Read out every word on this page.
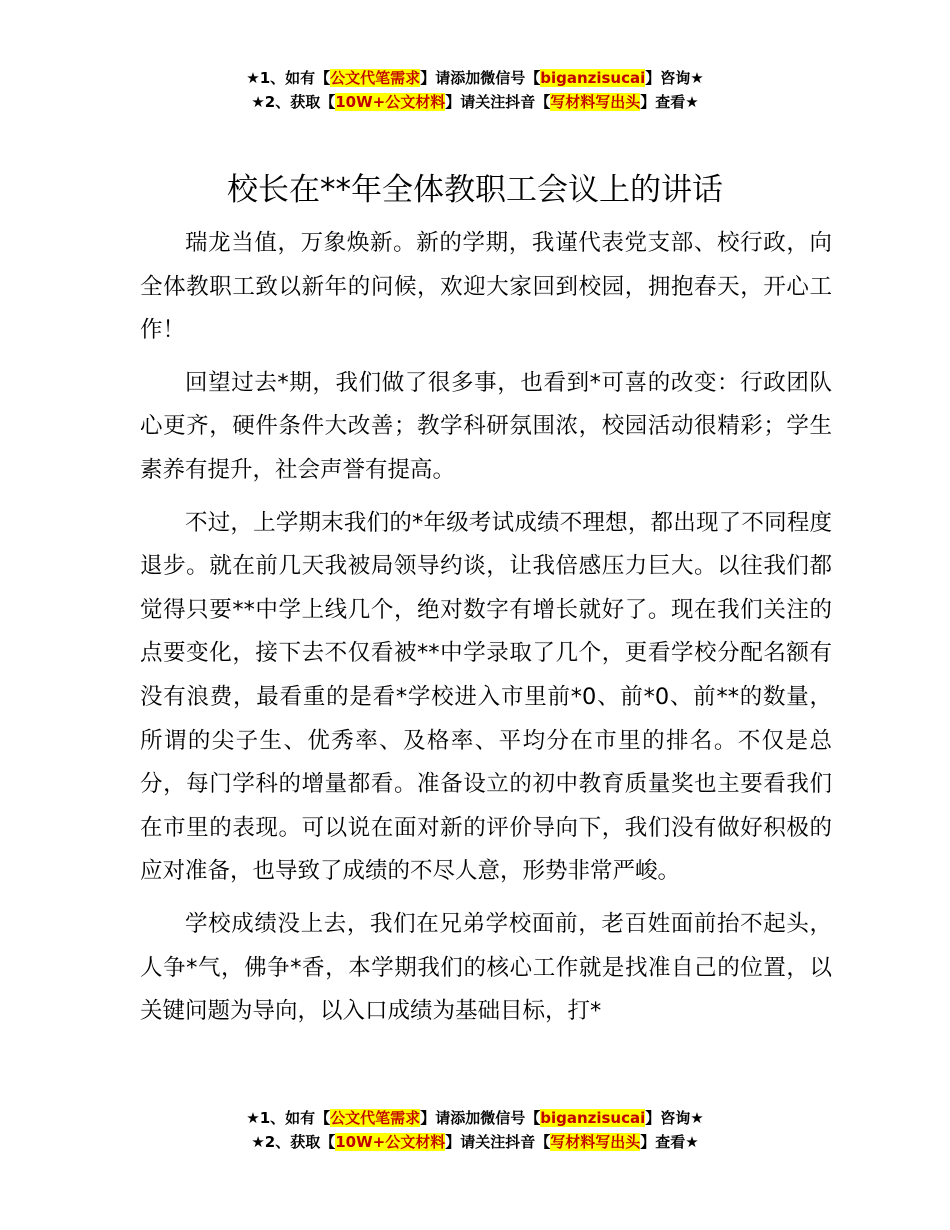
★1、如有【公文代笔需求】请添加微信号【biganzisucai】咨询★
★2、获取【10W+公文材料】请关注抖音【写材料写出头】查看★
校长在**年全体教职工会议上的讲话

瑞龙当值，万象焕新。新的学期，我谨代表党支部、校行政，向全体教职工致以新年的问候，欢迎大家回到校园，拥抱春天，开心工作！

回望过去*期，我们做了很多事，也看到*可喜的改变：行政团队心更齐，硬件条件大改善；教学科研氛围浓，校园活动很精彩；学生素养有提升，社会声誉有提高。

不过，上学期末我们的*年级考试成绩不理想，都出现了不同程度退步。就在前几天我被局领导约谈，让我倍感压力巨大。以往我们都觉得只要**中学上线几个，绝对数字有增长就好了。现在我们关注的点要变化，接下去不仅看被**中学录取了几个，更看学校分配名额有没有浪费，最看重的是看*学校进入市里前*0、前*0、前**的数量，所谓的尖子生、优秀率、及格率、平均分在市里的排名。不仅是总分，每门学科的增量都看。准备设立的初中教育质量奖也主要看我们在市里的表现。可以说在面对新的评价导向下，我们没有做好积极的应对准备，也导致了成绩的不尽人意，形势非常严峻。

学校成绩没上去，我们在兄弟学校面前，老百姓面前抬不起头，人争*气，佛争*香，本学期我们的核心工作就是找准自己的位置，以关键问题为导向，以入口成绩为基础目标，打*

★1、如有【公文代笔需求】请添加微信号【biganzisucai】咨询★
★2、获取【10W+公文材料】请关注抖音【写材料写出头】查看★
